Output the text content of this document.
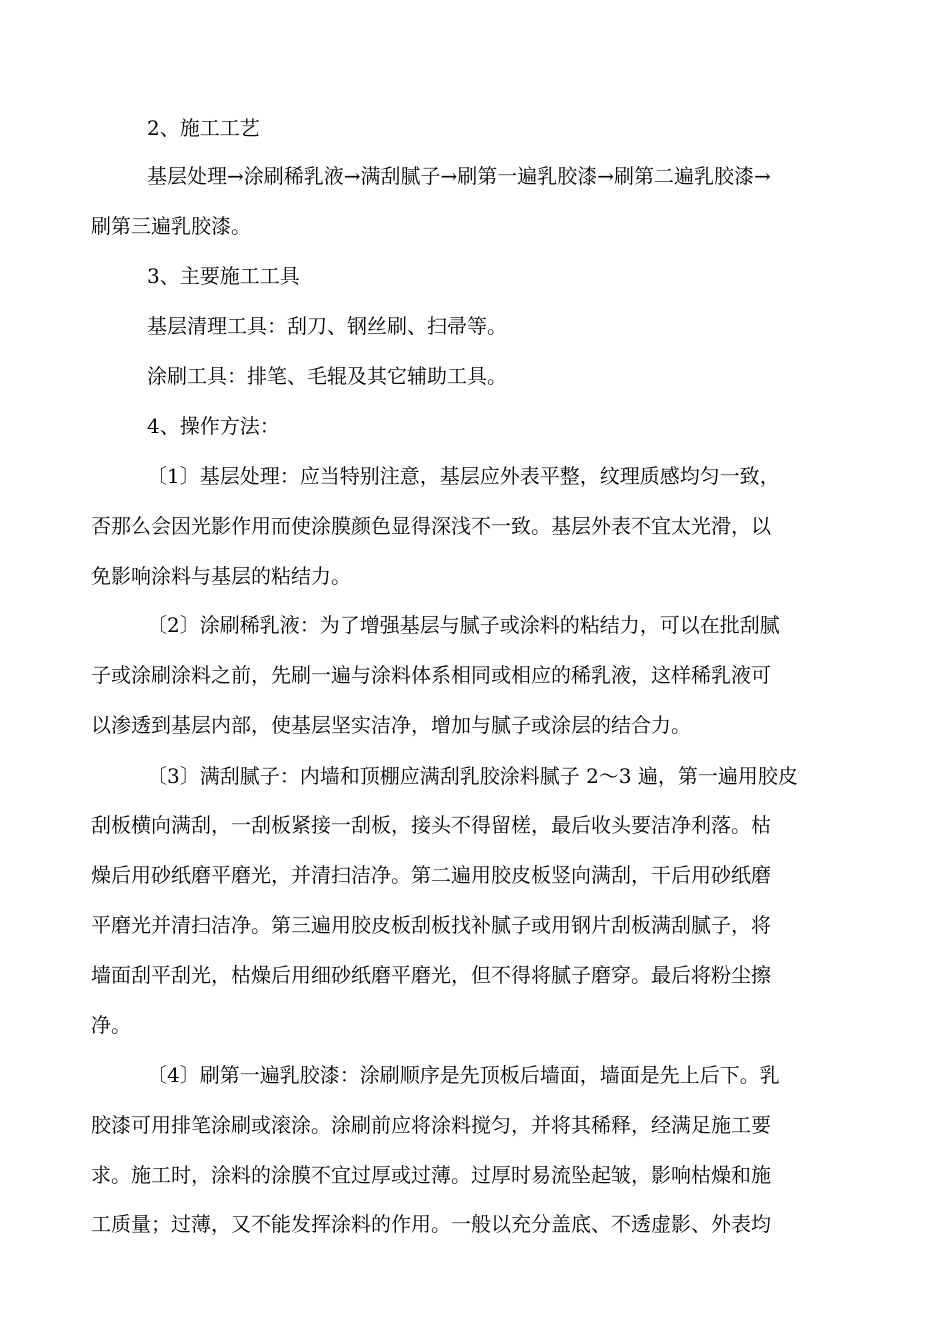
2、施工工艺
基层处理→涂刷稀乳液→满刮腻子→刷第一遍乳胶漆→刷第二遍乳胶漆→
刷第三遍乳胶漆。
3、主要施工工具
基层清理工具：刮刀、钢丝刷、扫帚等。
涂刷工具：排笔、毛辊及其它辅助工具。
4、操作方法：
〔1〕基层处理：应当特别注意，基层应外表平整，纹理质感均匀一致，
否那么会因光影作用而使涂膜颜色显得深浅不一致。基层外表不宜太光滑，以
免影响涂料与基层的粘结力。
〔2〕涂刷稀乳液：为了增强基层与腻子或涂料的粘结力，可以在批刮腻
子或涂刷涂料之前，先刷一遍与涂料体系相同或相应的稀乳液，这样稀乳液可
以渗透到基层内部，使基层坚实洁净，增加与腻子或涂层的结合力。
〔3〕满刮腻子：内墙和顶棚应满刮乳胶涂料腻子 2～3 遍，第一遍用胶皮
刮板横向满刮，一刮板紧接一刮板，接头不得留槎，最后收头要洁净利落。枯
燥后用砂纸磨平磨光，并清扫洁净。第二遍用胶皮板竖向满刮，干后用砂纸磨
平磨光并清扫洁净。第三遍用胶皮板刮板找补腻子或用钢片刮板满刮腻子，将
墙面刮平刮光，枯燥后用细砂纸磨平磨光，但不得将腻子磨穿。最后将粉尘擦
净。
〔4〕刷第一遍乳胶漆：涂刷顺序是先顶板后墙面，墙面是先上后下。乳
胶漆可用排笔涂刷或滚涂。涂刷前应将涂料搅匀，并将其稀释，经满足施工要
求。施工时，涂料的涂膜不宜过厚或过薄。过厚时易流坠起皱，影响枯燥和施
工质量；过薄，又不能发挥涂料的作用。一般以充分盖底、不透虚影、外表均
